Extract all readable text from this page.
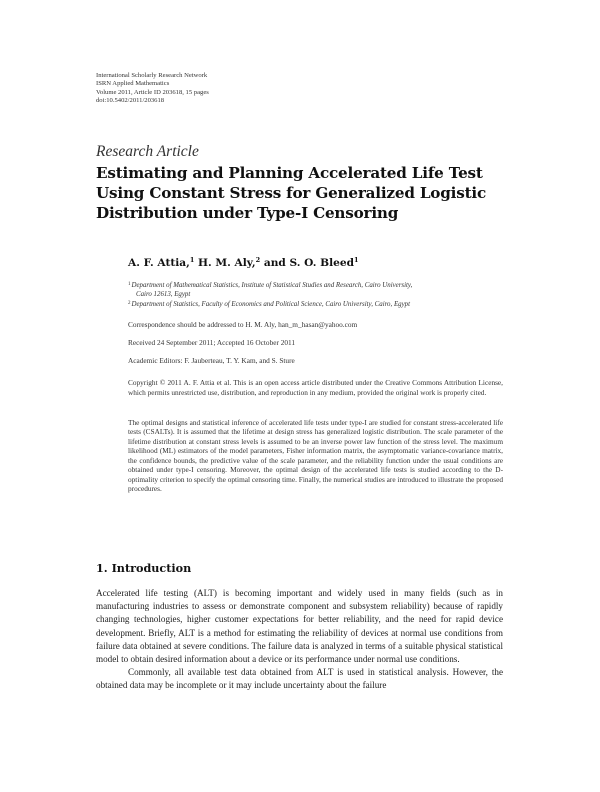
International Scholarly Research Network
ISRN Applied Mathematics
Volume 2011, Article ID 203618, 15 pages
doi:10.5402/2011/203618
Research Article
Estimating and Planning Accelerated Life Test
Using Constant Stress for Generalized Logistic
Distribution under Type-I Censoring
A. F. Attia,$^1$ H. M. Aly,$^2$ and S. O. Bleed$^1$
$^1$Department of Mathematical Statistics, Institute of Statistical Studies and Research, Cairo University,
Cairo 12613, Egypt
$^2$Department of Statistics, Faculty of Economics and Political Science, Cairo University, Cairo, Egypt
Correspondence should be addressed to H. M. Aly, han_m_hasan@yahoo.com
Received 24 September 2011; Accepted 16 October 2011
Academic Editors: F. Jauberteau, T. Y. Kam, and S. Sture
Copyright © 2011 A. F. Attia et al. This is an open access article distributed under the Creative Commons Attribution License, which permits unrestricted use, distribution, and reproduction in any medium, provided the original work is properly cited.
The optimal designs and statistical inference of accelerated life tests under type-I are studied for constant stress-accelerated life tests (CSALTs). It is assumed that the lifetime at design stress has generalized logistic distribution. The scale parameter of the lifetime distribution at constant stress levels is assumed to be an inverse power law function of the stress level. The maximum likelihood (ML) estimators of the model parameters, Fisher information matrix, the asymptomatic variance-covariance matrix, the confidence bounds, the predictive value of the scale parameter, and the reliability function under the usual conditions are obtained under type-I censoring. Moreover, the optimal design of the accelerated life tests is studied according to the D-optimality criterion to specify the optimal censoring time. Finally, the numerical studies are introduced to illustrate the proposed procedures.
1. Introduction

Accelerated life testing (ALT) is becoming important and widely used in many fields (such as in manufacturing industries to assess or demonstrate component and subsystem reliability) because of rapidly changing technologies, higher customer expectations for better reliability, and the need for rapid device development. Briefly, ALT is a method for estimating the reliability of devices at normal use conditions from failure data obtained at severe conditions. The failure data is analyzed in terms of a suitable physical statistical model to obtain desired information about a device or its performance under normal use conditions.

Commonly, all available test data obtained from ALT is used in statistical analysis. However, the obtained data may be incomplete or it may include uncertainty about the failure
